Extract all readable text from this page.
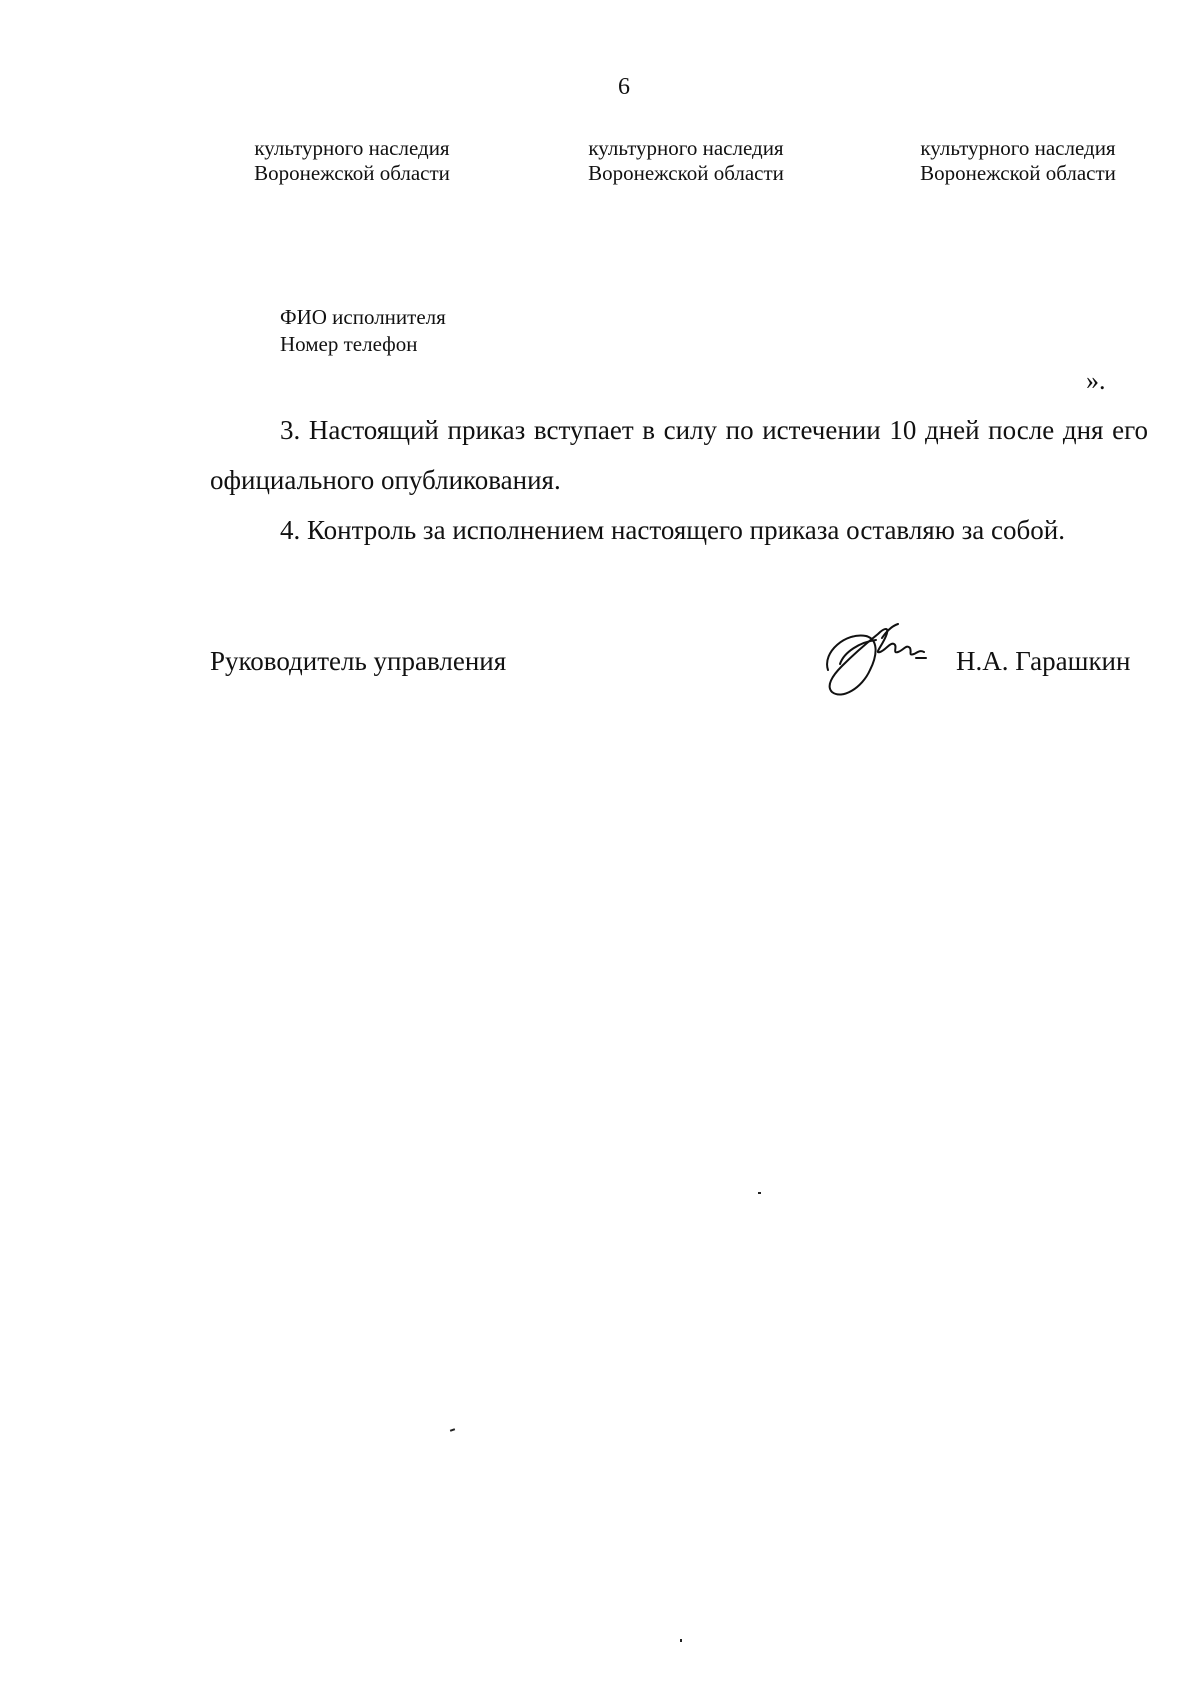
6
культурного наследия
Воронежской области
культурного наследия
Воронежской области
культурного наследия
Воронежской области
ФИО исполнителя
Номер телефон
».
3. Настоящий приказ вступает в силу по истечении 10 дней после дня его официального опубликования.
4. Контроль за исполнением настоящего приказа оставляю за собой.
Руководитель управления	Н.А. Гарашкин
